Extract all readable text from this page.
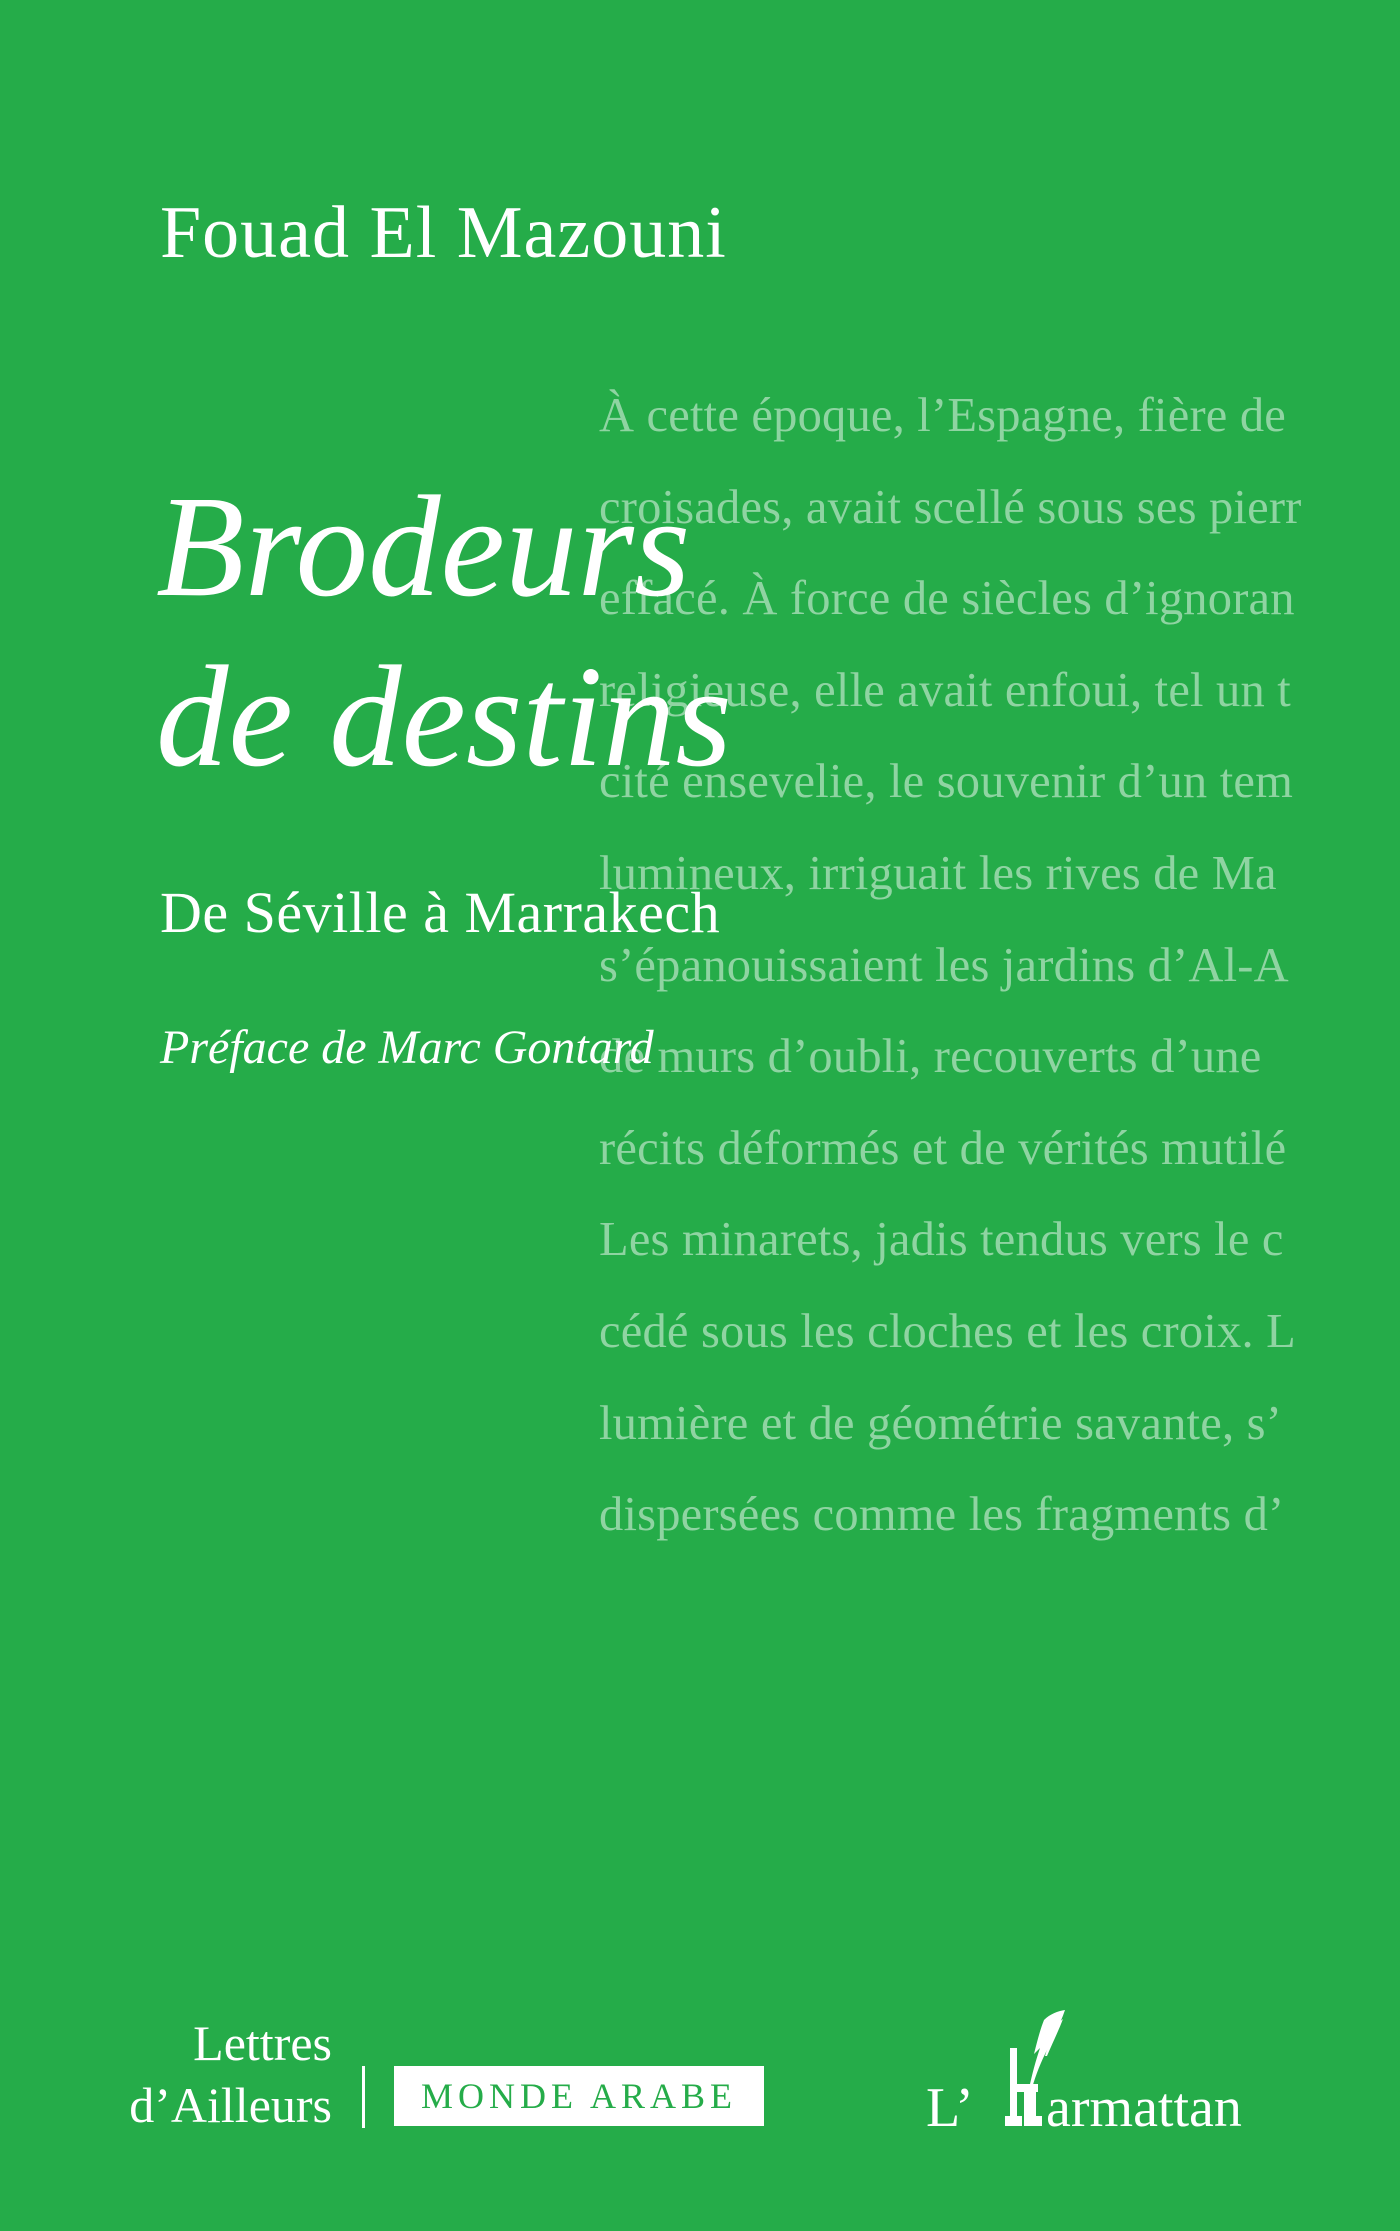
À cette époque, l’Espagne, fière de
croisades, avait scellé sous ses pierr
effacé. À force de siècles d’ignoran
religieuse, elle avait enfoui, tel un t
cité ensevelie, le souvenir d’un tem
lumineux, irriguait les rives de Ma
s’épanouissaient les jardins d’Al-A
de murs d’oubli, recouverts d’une
récits déformés et de vérités mutilé
Les minarets, jadis tendus vers le c
cédé sous les cloches et les croix. L
lumière et de géométrie savante, s’
dispersées comme les fragments d’
Fouad El Mazouni
Brodeurs
de destins
De Séville à Marrakech
Préface de Marc Gontard
Lettres
d’Ailleurs	MONDE ARABE	L’ armattan
